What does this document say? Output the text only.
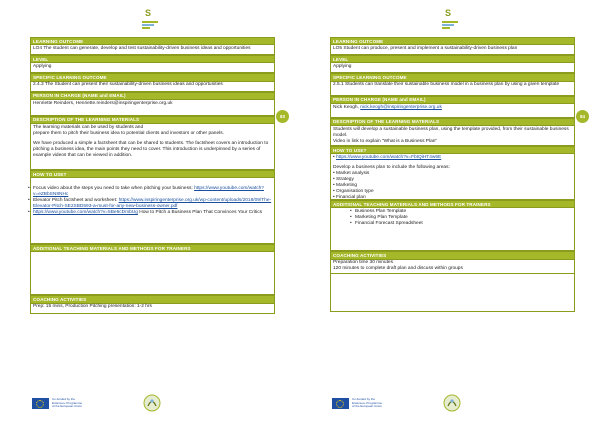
S
LEARNING OUTCOME

LO4 The student can generate, develop and test sustainability-driven business ideas and opportunities

LEVEL

Applying

SPECIFIC LEARNING OUTCOME

2.4.3 The Student can present their sustainability-driven business ideas and opportunities

PERSON IN CHARGE (NAME and EMAIL)

Henriette Reinders, Henriette.reinders@inspiringenterprise.org.uk

DESCRIPTION OF THE LEARNING MATERIALS

The learning materials can be used by students and

prepare them to pitch their business idea to potential clients and investors or other panels.

We have produced a simple a factsheet that can be shared to students. The factsheet covers an introduction to pitching a business idea, the main points they need to cover. This introduction is underpinned by a series of example videos that can be viewed in addition.

HOW TO USE?

• Focus video about the steps you need to take when pitching your business: https://www.youtube.com/watch?v=eZBbSN8NHc

• Elevator Pitch factsheet and worksheet: https://www.inspiringenterprise.org.uk/wp-content/uploads/2018/09/The-Elevator-Pitch-SE2SBD593-a-must-for-any-new-business-owner.pdf

• https://www.youtube.com/watch?v=5Be6cDmbUg How to Pitch a Business Plan That Convinces Your Critics

ADDITIONAL TEACHING MATERIALS AND METHODS FOR TRAINERS
COACHING ACTIVITIES

Prep: 15 mins, Production Pitching presentation: 1-2 hrs

Co-funded by the
Erasmus+ Programme
of the European Union
83
S
LEARNING OUTCOME

LO5 Student can produce, present and implement a sustainability-driven business plan

LEVEL

Applying

SPECIFIC LEARNING OUTCOME

2.5.1 Students can translate their sustainable business model in a business plan by using a given template

PERSON IN CHARGE (NAME and EMAIL)

Nick Keogh, nick.keogh@inspiringenterprise.org.uk

DESCRIPTION OF THE LEARNING MATERIALS

Students will develop a sustainable business plan, using the template provided, from their sustainable business model.

Video in link to explain "What is a Business Plan"

HOW TO USE?

• https://www.youtube.com/watch?v=FbtQiHT4w6E

Develop a business plan to include the following areas:

• Market analysis

• Strategy

• Marketing

• Organisation type

• Financial plan

ADDITIONAL TEACHING MATERIALS AND METHODS FOR TRAINERS

• Business Plan Template

• Marketing Plan Template

• Financial Forecast Spreadsheet

COACHING ACTIVITIES

Preparation time 30 minutes

120 minutes to complete draft plan and discuss within groups

Co-funded by the
Erasmus+ Programme
of the European Union
84
